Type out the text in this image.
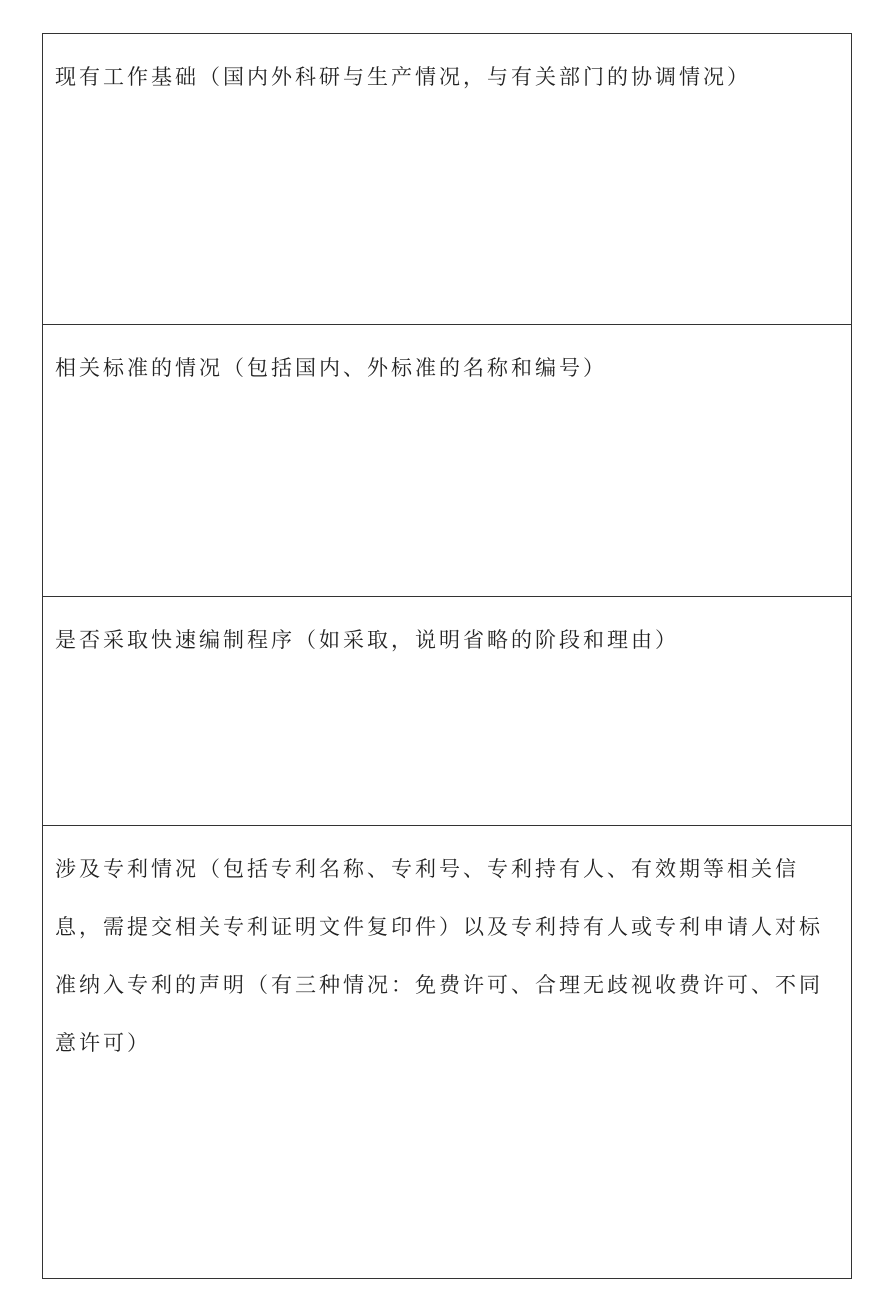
现有工作基础（国内外科研与生产情况，与有关部门的协调情况）

相关标准的情况（包括国内、外标准的名称和编号）

是否采取快速编制程序（如采取，说明省略的阶段和理由）

涉及专利情况（包括专利名称、专利号、专利持有人、有效期等相关信息，需提交相关专利证明文件复印件）以及专利持有人或专利申请人对标准纳入专利的声明（有三种情况：免费许可、合理无歧视收费许可、不同意许可）
